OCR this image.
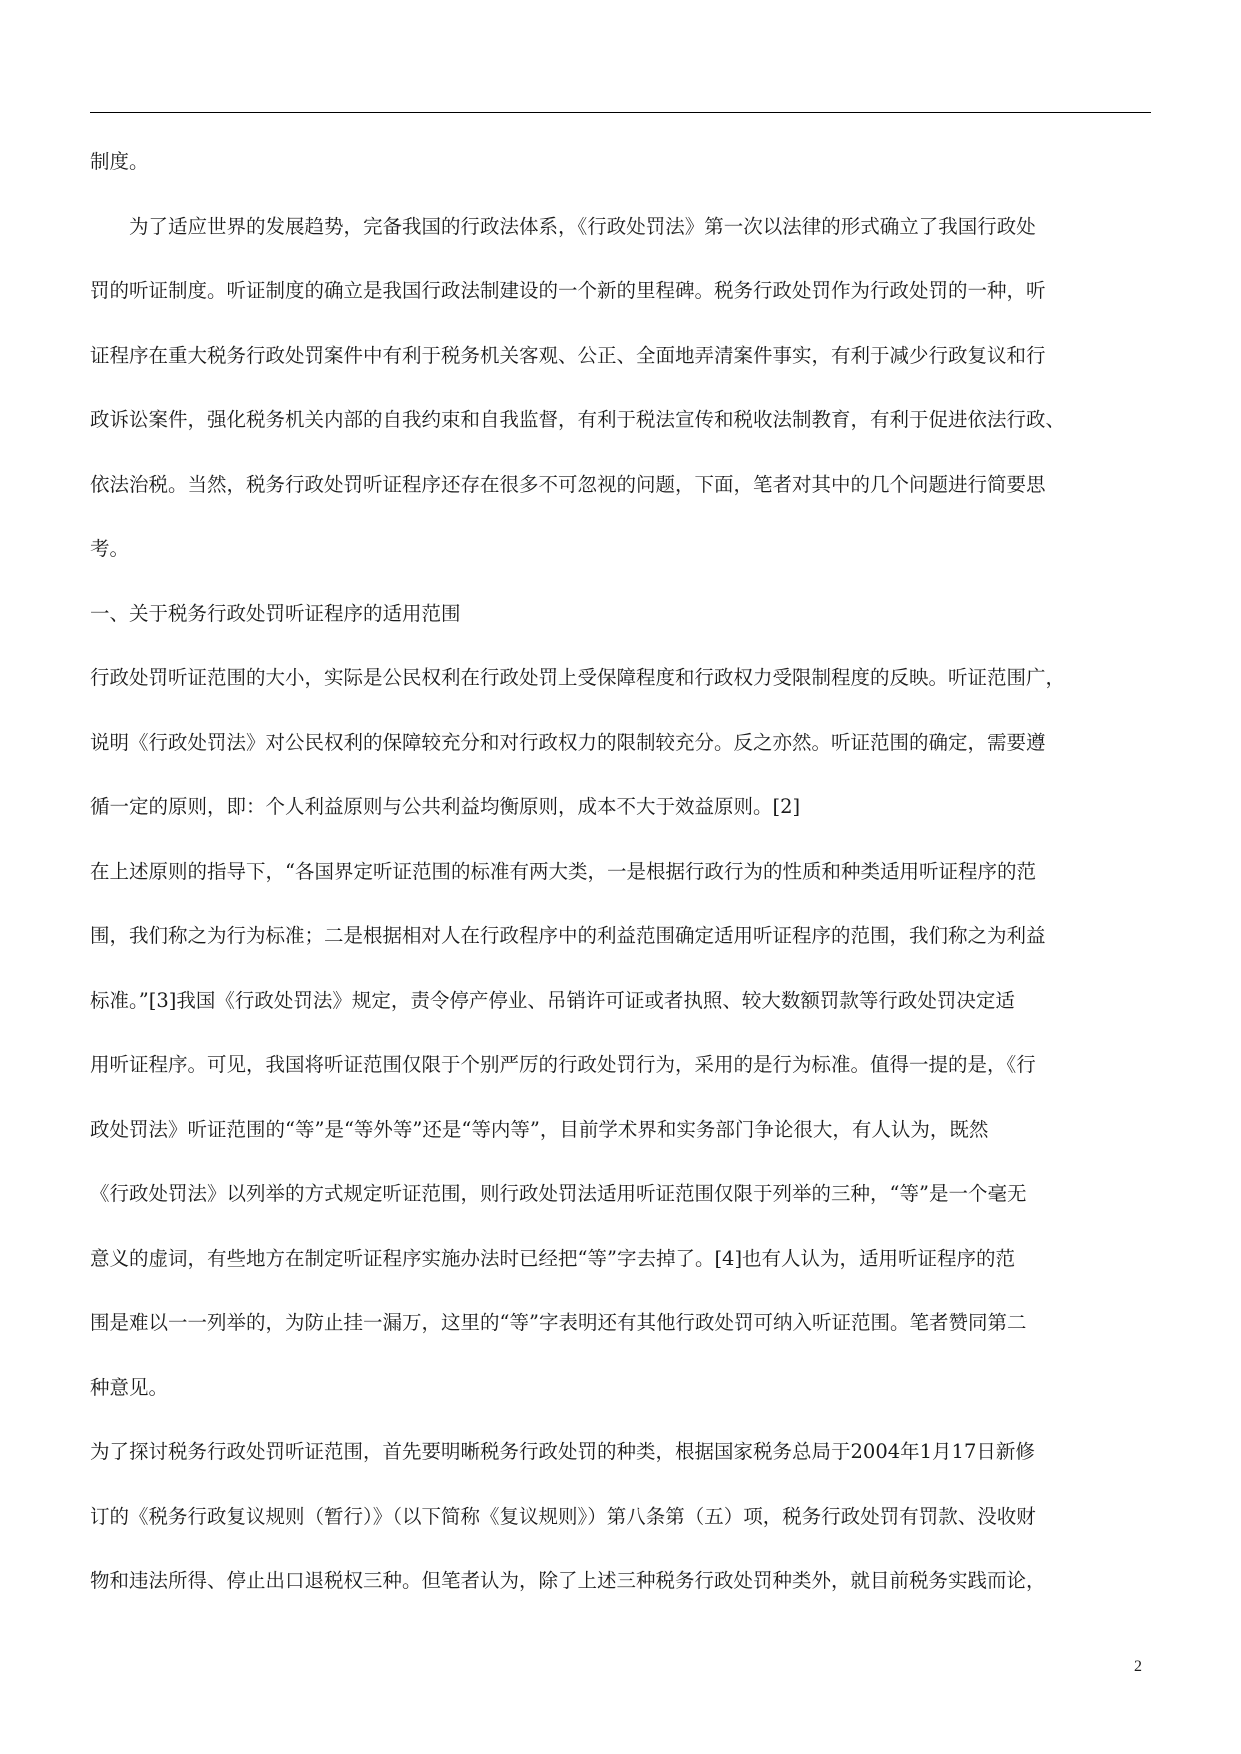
制度。
　　为了适应世界的发展趋势，完备我国的行政法体系，《行政处罚法》第一次以法律的形式确立了我国行政处
罚的听证制度。听证制度的确立是我国行政法制建设的一个新的里程碑。税务行政处罚作为行政处罚的一种，听
证程序在重大税务行政处罚案件中有利于税务机关客观、公正、全面地弄清案件事实，有利于减少行政复议和行
政诉讼案件，强化税务机关内部的自我约束和自我监督，有利于税法宣传和税收法制教育，有利于促进依法行政、
依法治税。当然，税务行政处罚听证程序还存在很多不可忽视的问题，下面，笔者对其中的几个问题进行简要思
考。
一、关于税务行政处罚听证程序的适用范围
行政处罚听证范围的大小，实际是公民权利在行政处罚上受保障程度和行政权力受限制程度的反映。听证范围广，
说明《行政处罚法》对公民权利的保障较充分和对行政权力的限制较充分。反之亦然。听证范围的确定，需要遵
循一定的原则，即：个人利益原则与公共利益均衡原则，成本不大于效益原则。[2]
在上述原则的指导下，“各国界定听证范围的标准有两大类，一是根据行政行为的性质和种类适用听证程序的范
围，我们称之为行为标准；二是根据相对人在行政程序中的利益范围确定适用听证程序的范围，我们称之为利益
标准。”[3]我国《行政处罚法》规定，责令停产停业、吊销许可证或者执照、较大数额罚款等行政处罚决定适
用听证程序。可见，我国将听证范围仅限于个别严厉的行政处罚行为，采用的是行为标准。值得一提的是，《行
政处罚法》听证范围的“等”是“等外等”还是“等内等”，目前学术界和实务部门争论很大，有人认为，既然
《行政处罚法》以列举的方式规定听证范围，则行政处罚法适用听证范围仅限于列举的三种，“等”是一个毫无
意义的虚词，有些地方在制定听证程序实施办法时已经把“等”字去掉了。[4]也有人认为，适用听证程序的范
围是难以一一列举的，为防止挂一漏万，这里的“等”字表明还有其他行政处罚可纳入听证范围。笔者赞同第二
种意见。
为了探讨税务行政处罚听证范围，首先要明晰税务行政处罚的种类，根据国家税务总局于2004年1月17日新修
订的《税务行政复议规则（暂行）》（以下简称《复议规则》）第八条第（五）项，税务行政处罚有罚款、没收财
物和违法所得、停止出口退税权三种。但笔者认为，除了上述三种税务行政处罚种类外，就目前税务实践而论，
2
